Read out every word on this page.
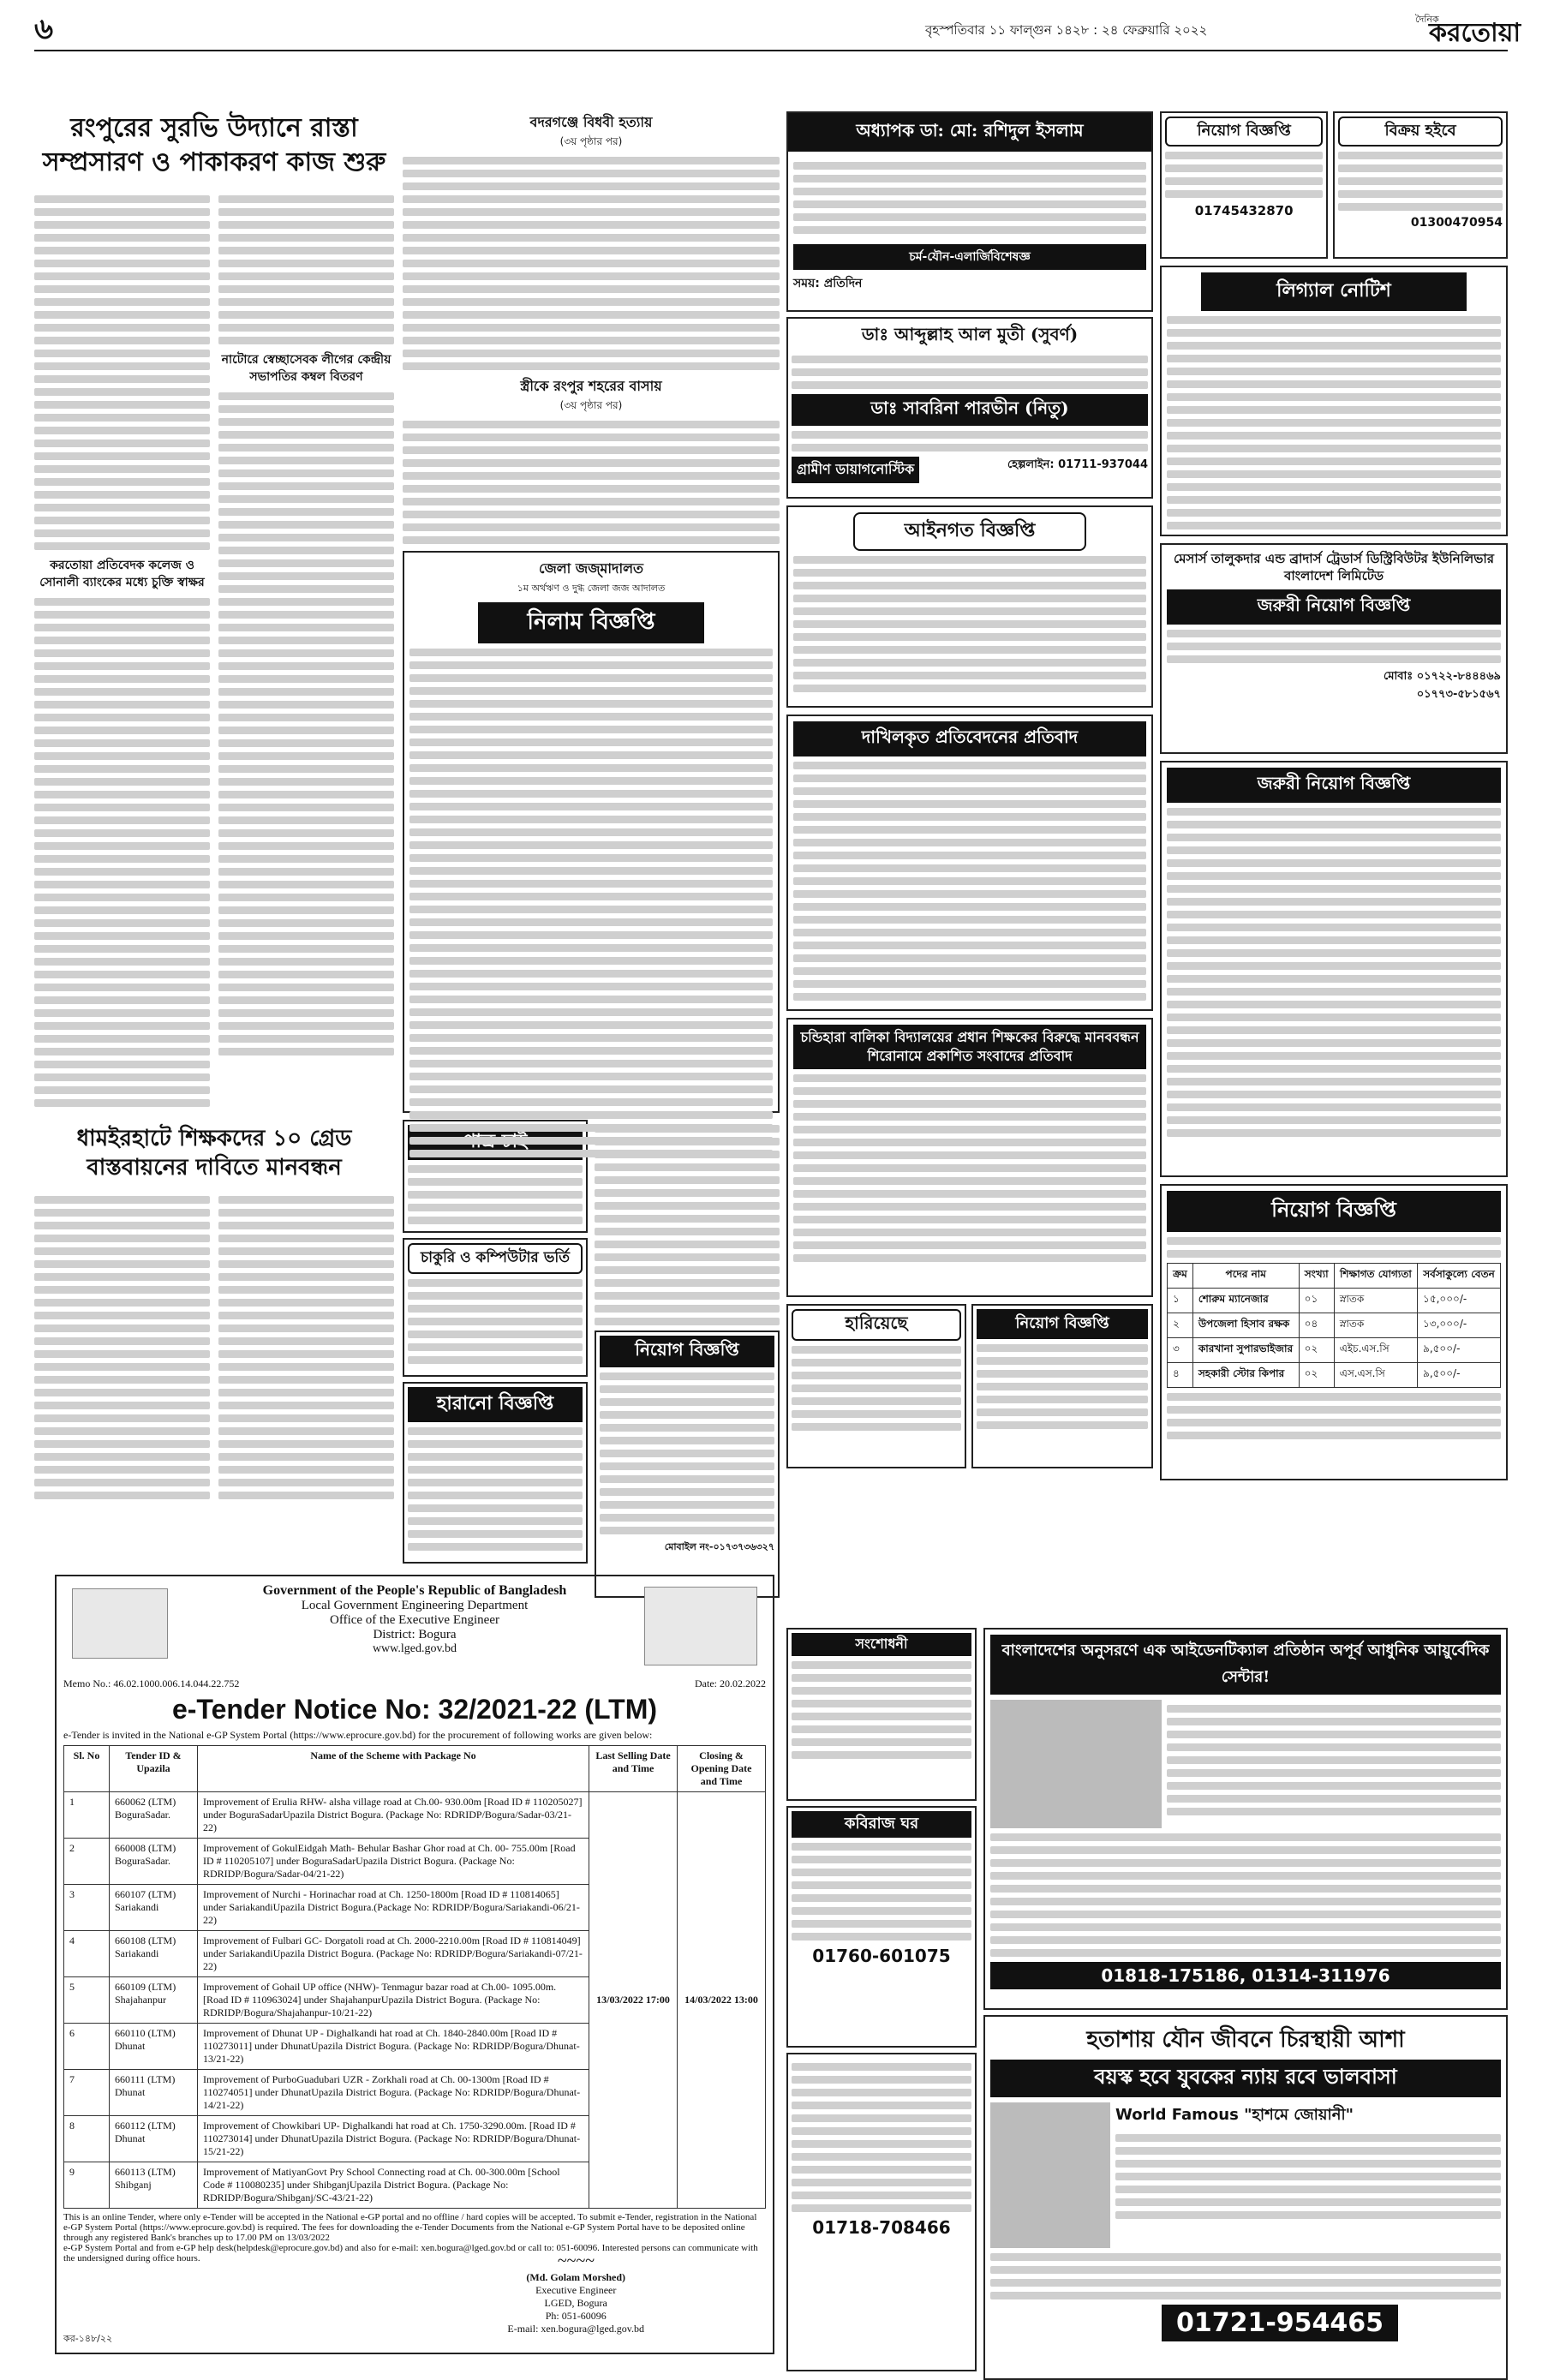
৬	বৃহস্পতিবার ১১ ফাল্গুন ১৪২৮ : ২৪ ফেব্রুয়ারি ২০২২
দৈনিক
করতোয়া
রংপুরের সুরভি উদ্যানে রাস্তা সম্প্রসারণ ও পাকাকরণ কাজ শুরু
করতোয়া প্রতিবেদক কলেজ ও সোনালী ব্যাংকের মধ্যে চুক্তি স্বাক্ষর
নাটোরে স্বেচ্ছাসেবক লীগের কেন্দ্রীয় সভাপতির কম্বল বিতরণ
ধামইরহাটে শিক্ষকদের ১০ গ্রেড বাস্তবায়নের দাবিতে মানবন্ধন
বদরগঞ্জে বিধবী হত্যায়
(৩য় পৃষ্ঠার পর)
স্ত্রীকে রংপুর শহরের বাসায়
(৩য় পৃষ্ঠার পর)
জেলা জজ্মাদালত
১ম অর্থঋণ ও দুগ্ধ জেলা জজ আদালত
নিলাম বিজ্ঞপ্তি
চাকুরি ও কম্পিউটার ভর্তি
হারানো বিজ্ঞপ্তি
নিয়োগ বিজ্ঞপ্তি
মোবাইল নং-০১৭৩৭৩৬৩২৭
অধ্যাপক ডা: মো: রশিদুল ইসলাম
চর্ম-যৌন-এলার্জিবিশেষজ্ঞ
সময়: প্রতিদিন
ডাঃ আব্দুল্লাহ আল মুতী (সুবর্ণ)
ডাঃ সাবরিনা পারভীন (নিতু)
গ্রামীণ ডায়াগনোস্টিক	হেল্পলাইন: 01711-937044
আইনগত বিজ্ঞপ্তি
দাখিলকৃত প্রতিবেদনের প্রতিবাদ
চন্ডিহারা বালিকা বিদ্যালয়ের প্রধান শিক্ষকের বিরুদ্ধে মানববন্ধন শিরোনামে প্রকাশিত সংবাদের প্রতিবাদ
হারিয়েছে	নিয়োগ বিজ্ঞপ্তি
নিয়োগ বিজ্ঞপ্তি
01745432870
বিক্রয় হইবে
01300470954
লিগ্যাল নোটিশ
মেসার্স তালুকদার এন্ড ব্রাদার্স ট্রেডার্স ডিস্ট্রিবিউটর ইউনিলিভার বাংলাদেশ লিমিটেড
জরুরী নিয়োগ বিজ্ঞপ্তি
মোবাঃ ০১৭২২-৮৪৪৪৬৯
০১৭৭৩-৫৮১৫৬৭
জরুরী নিয়োগ বিজ্ঞপ্তি
নিয়োগ বিজ্ঞপ্তি
ক্রম	পদের নাম	সংখ্যা	শিক্ষাগত যোগ্যতা	সর্বসাকুল্যে বেতন
১	শোরুম ম্যানেজার	০১	স্নাতক	১৫,০০০/-
২	উপজেলা হিসাব রক্ষক	০৪	স্নাতক	১৩,০০০/-
৩	কারখানা সুপারভাইজার	০২	এইচ.এস.সি	৯,৫০০/-
৪	সহকারী স্টোর কিপার	০২	এস.এস.সি	৯,৫০০/-
Government of the People's Republic of Bangladesh
Local Government Engineering Department
Office of the Executive Engineer
District: Bogura
www.lged.gov.bd
Memo No.: 46.02.1000.006.14.044.22.752	Date: 20.02.2022
e-Tender Notice No: 32/2021-22 (LTM)
e-Tender is invited in the National e-GP System Portal (https://www.eprocure.gov.bd) for the procurement of following works are given below:
Sl. No	Tender ID & Upazila	Name of the Scheme with Package No	Last Selling Date and Time	Closing & Opening Date and Time
1	660062 (LTM) BoguraSadar.	Improvement of Erulia RHW- alsha village road at Ch.00- 930.00m [Road ID # 110205027] under BoguraSadarUpazila District Bogura. (Package No: RDRIDP/Bogura/Sadar-03/21-22)	13/03/2022 17:00	14/03/2022 13:00
2	660008 (LTM) BoguraSadar.	Improvement of GokulEidgah Math- Behular Bashar Ghor road at Ch. 00- 755.00m [Road ID # 110205107] under BoguraSadarUpazila District Bogura. (Package No: RDRIDP/Bogura/Sadar-04/21-22)		
3	660107 (LTM) Sariakandi	Improvement of Nurchi - Horinachar road at Ch. 1250-1800m [Road ID # 110814065] under SariakandiUpazila District Bogura.(Package No: RDRIDP/Bogura/Sariakandi-06/21-22)		
4	660108 (LTM) Sariakandi	Improvement of Fulbari GC- Dorgatoli road at Ch. 2000-2210.00m [Road ID # 110814049] under SariakandiUpazila District Bogura. (Package No: RDRIDP/Bogura/Sariakandi-07/21-22)		
5	660109 (LTM) Shajahanpur	Improvement of Gohail UP office (NHW)- Tenmagur bazar road at Ch.00- 1095.00m. [Road ID # 110963024] under ShajahanpurUpazila District Bogura. (Package No: RDRIDP/Bogura/Shajahanpur-10/21-22)		
6	660110 (LTM) Dhunat	Improvement of Dhunat UP - Dighalkandi hat road at Ch. 1840-2840.00m [Road ID # 110273011] under DhunatUpazila District Bogura. (Package No: RDRIDP/Bogura/Dhunat-13/21-22)		
7	660111 (LTM) Dhunat	Improvement of PurboGuadubari UZR - Zorkhali road at Ch. 00-1300m [Road ID # 110274051] under DhunatUpazila District Bogura. (Package No: RDRIDP/Bogura/Dhunat-14/21-22)		
8	660112 (LTM) Dhunat	Improvement of Chowkibari UP- Dighalkandi hat road at Ch. 1750-3290.00m. [Road ID # 110273014] under DhunatUpazila District Bogura. (Package No: RDRIDP/Bogura/Dhunat-15/21-22)		
9	660113 (LTM) Shibganj	Improvement of MatiyanGovt Pry School Connecting road at Ch. 00-300.00m [School Code # 110080235] under ShibganjUpazila District Bogura. (Package No: RDRIDP/Bogura/Shibganj/SC-43/21-22)		
This is an online Tender, where only e-Tender will be accepted in the National e-GP portal and no offline / hard copies will be accepted. To submit e-Tender, registration in the National e-GP System Portal (https://www.eprocure.gov.bd) is required. The fees for downloading the e-Tender Documents from the National e-GP System Portal have to be deposited online through any registered Bank's branches up to 17.00 PM on 13/03/2022
e-GP System Portal and from e-GP help desk(helpdesk@eprocure.gov.bd) and also for e-mail: xen.bogura@lged.gov.bd or call to: 051-60096. Interested persons can communicate with the undersigned during office hours.	~~~~
(Md. Golam Morshed)
Executive Engineer
LGED, Bogura
Ph: 051-60096
E-mail: xen.bogura@lged.gov.bd
কর-১৪৮/২২
সংশোধনী
কবিরাজ ঘর
01760-601075
01718-708466
বাংলাদেশের অনুসরণে এক আইডেনটিক্যাল প্রতিষ্ঠান অপূর্ব আধুনিক আয়ুর্বেদিক সেন্টার!
01818-175186, 01314-311976
হতাশায় যৌন জীবনে চিরস্থায়ী আশা
বয়স্ক হবে যুবকের ন্যায় রবে ভালবাসা
World Famous "হাশমে জোয়ানী"
01721-954465
